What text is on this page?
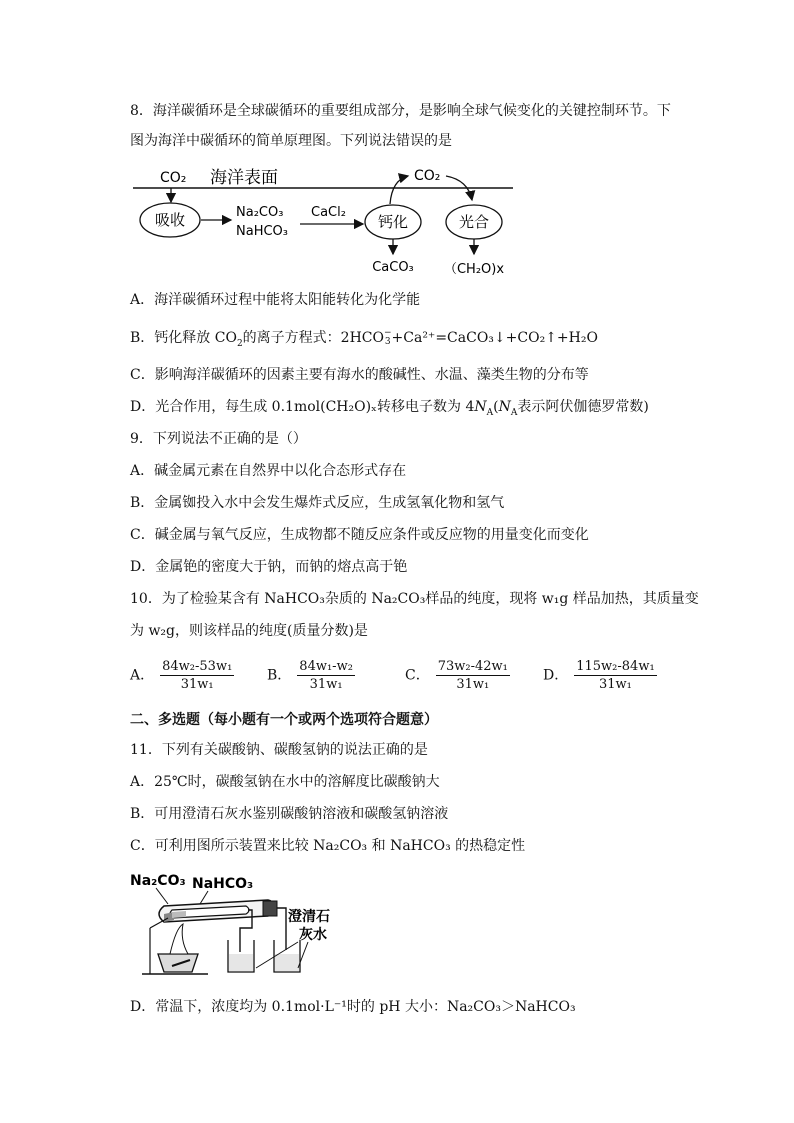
8．海洋碳循环是全球碳循环的重要组成部分，是影响全球气候变化的关键控制环节。下
图为海洋中碳循环的简单原理图。下列说法错误的是
CO₂ 海洋表面
吸收	Na₂CO₃
NaHCO₃
CaCl₂
钙化
CO₂
光合
CaCO₃ （CH₂O)x
A．海洋碳循环过程中能将太阳能转化为化学能
B．钙化释放 $CO_2$的离子方程式：2HCO −
3 +Ca²⁺=CaCO₃↓+CO₂↑+H₂O
C．影响海洋碳循环的因素主要有海水的酸碱性、水温、藻类生物的分布等
D．光合作用，每生成 0.1mol(CH₂O)ₓ转移电子数为 $4N_A(N_A$表示阿伏伽德罗常数)
9．下列说法不正确的是（）
A．碱金属元素在自然界中以化合态形式存在
B．金属铷投入水中会发生爆炸式反应，生成氢氧化物和氢气
C．碱金属与氧气反应，生成物都不随反应条件或反应物的用量变化而变化
D．金属铯的密度大于钠，而钠的熔点高于铯
10．为了检验某含有 NaHCO₃杂质的 Na₂CO₃样品的纯度，现将 w₁g 样品加热，其质量变
为 w₂g，则该样品的纯度(质量分数)是
A． $\frac{\text{84w₂-53w₁}}{\text{31w₁}}$ B． $\frac{\text{84w₁-w₂}}{\text{31w₁}}$	C． $\frac{\text{73w₂-42w₁}}{\text{31w₁}}$ D． $\frac{\text{115w₂-84w₁}}{\text{31w₁}}$
二、多选题（每小题有一个或两个选项符合题意）
11．下列有关碳酸钠、碳酸氢钠的说法正确的是
A．25℃时，碳酸氢钠在水中的溶解度比碳酸钠大
B．可用澄清石灰水鉴别碳酸钠溶液和碳酸氢钠溶液
C．可利用图所示装置来比较 Na₂CO₃ 和 NaHCO₃ 的热稳定性
Na₂CO₃ NaHCO₃
澄清石
灰水
D．常温下，浓度均为 0.1mol·L⁻¹时的 pH 大小：Na₂CO₃＞NaHCO₃
